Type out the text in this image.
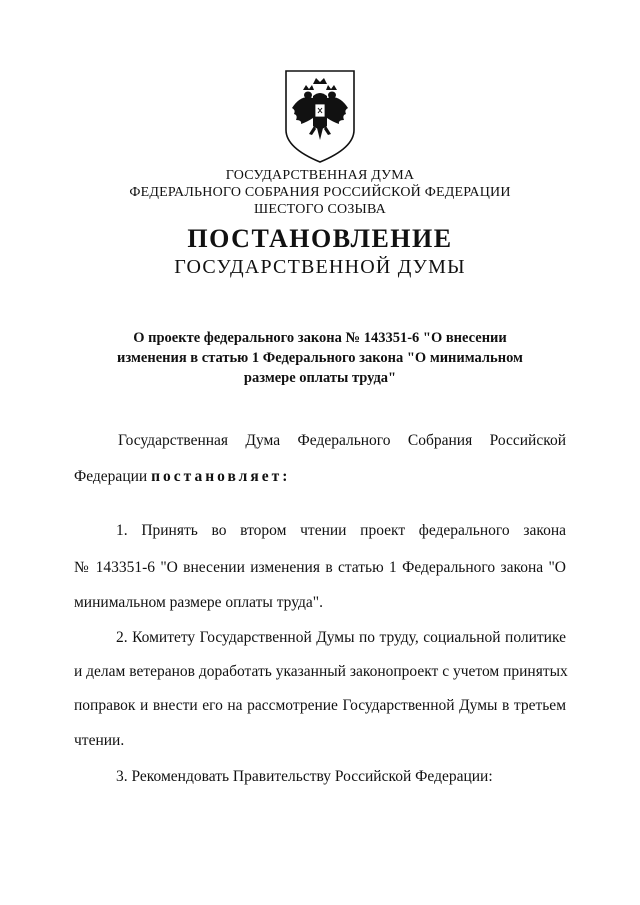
ГОСУДАРСТВЕННАЯ ДУМА
ФЕДЕРАЛЬНОГО СОБРАНИЯ РОССИЙСКОЙ ФЕДЕРАЦИИ
ШЕСТОГО СОЗЫВА
ПОСТАНОВЛЕНИЕ
ГОСУДАРСТВЕННОЙ ДУМЫ
О проекте федерального закона № 143351-6 "О внесении
изменения в статью 1 Федерального закона "О минимальном
размере оплаты труда"
Государственная Дума Федерального Собрания Российской
Федерации постановляет:
1. Принять во втором чтении проект федерального закона
№ 143351-6 "О внесении изменения в статью 1 Федерального закона "О
минимальном размере оплаты труда".
2. Комитету Государственной Думы по труду, социальной политике
и делам ветеранов доработать указанный законопроект с учетом принятых
поправок и внести его на рассмотрение Государственной Думы в третьем
чтении.
3. Рекомендовать Правительству Российской Федерации:
